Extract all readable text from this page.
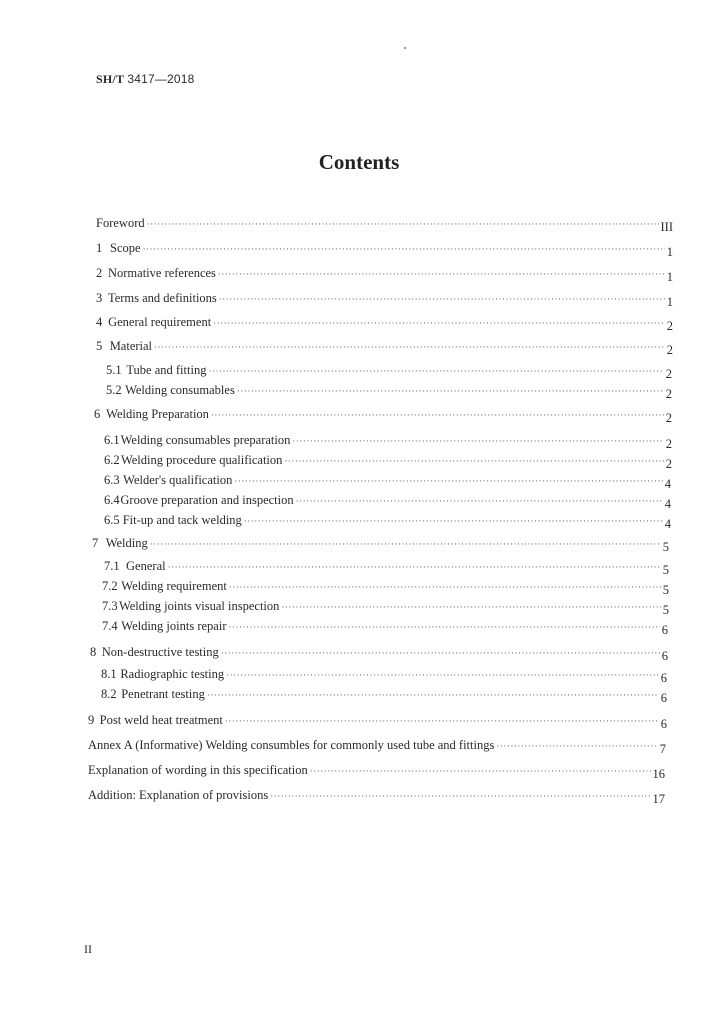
SH/T 3417—2018
Contents
Foreword ·····	III
1 Scope ·····	1
2 Normative references ·····	1
3 Terms and definitions ·····	1
4 General requirement ·····	2
5 Material ·····	2
5.1 Tube and fitting ·····	2
5.2 Welding consumables ·····	2
6 Welding Preparation ·····	2
6.1 Welding consumables preparation ·····	2
6.2 Welding procedure qualification ·····	2
6.3 Welder's qualification ·····	4
6.4 Groove preparation and inspection ·····	4
6.5 Fit-up and tack welding ·····	4
7 Welding ·····	5
7.1 General ·····	5
7.2 Welding requirement ·····	5
7.3 Welding joints visual inspection ·····	5
7.4 Welding joints repair ·····	6
8 Non-destructive testing ·····	6
8.1 Radiographic testing ·····	6
8.2 Penetrant testing ·····	6
9 Post weld heat treatment ·····	6
Annex A (Informative) Welding consumbles for commonly used tube and fittings ·····	7
Explanation of wording in this specification ·····	16
Addition: Explanation of provisions ·····	17
II
